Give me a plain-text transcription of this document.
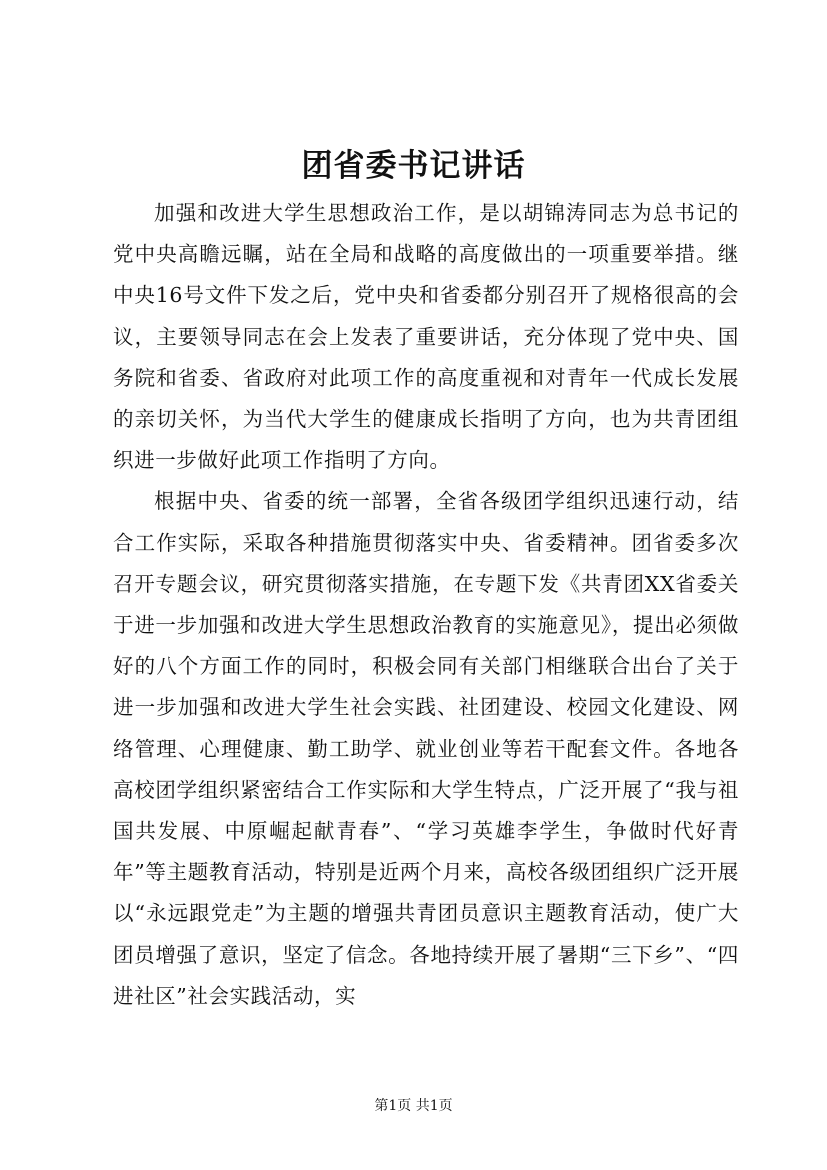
团省委书记讲话

加强和改进大学生思想政治工作，是以胡锦涛同志为总书记的党中央高瞻远瞩，站在全局和战略的高度做出的一项重要举措。继中央16号文件下发之后，党中央和省委都分别召开了规格很高的会议，主要领导同志在会上发表了重要讲话，充分体现了党中央、国务院和省委、省政府对此项工作的高度重视和对青年一代成长发展的亲切关怀，为当代大学生的健康成长指明了方向，也为共青团组织进一步做好此项工作指明了方向。

根据中央、省委的统一部署，全省各级团学组织迅速行动，结合工作实际，采取各种措施贯彻落实中央、省委精神。团省委多次召开专题会议，研究贯彻落实措施，在专题下发《共青团XX省委关于进一步加强和改进大学生思想政治教育的实施意见》，提出必须做好的八个方面工作的同时，积极会同有关部门相继联合出台了关于进一步加强和改进大学生社会实践、社团建设、校园文化建设、网络管理、心理健康、勤工助学、就业创业等若干配套文件。各地各高校团学组织紧密结合工作实际和大学生特点，广泛开展了“我与祖国共发展、中原崛起献青春”、“学习英雄李学生，争做时代好青年”等主题教育活动，特别是近两个月来，高校各级团组织广泛开展以“永远跟党走”为主题的增强共青团员意识主题教育活动，使广大团员增强了意识，坚定了信念。各地持续开展了暑期“三下乡”、“四进社区”社会实践活动，实

第1页 共1页
